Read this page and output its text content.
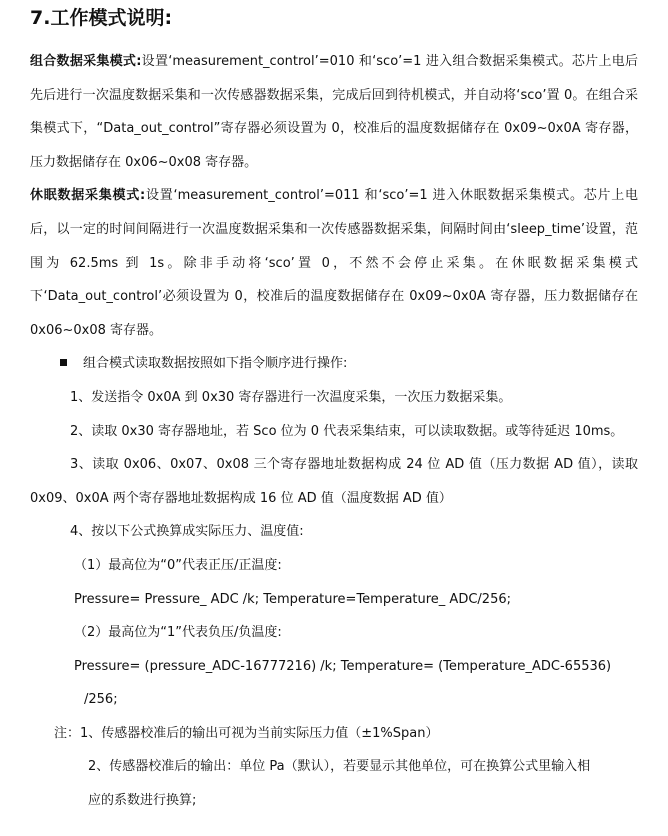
7.工作模式说明:

组合数据采集模式:设置‘measurement_control’=010 和‘sco’=1 进入组合数据采集模式。芯片上电后先后进行一次温度数据采集和一次传感器数据采集，完成后回到待机模式，并自动将‘sco’置 0。在组合采集模式下，“Data_out_control”寄存器必须设置为 0，校准后的温度数据储存在 0x09~0x0A 寄存器，压力数据储存在 0x06~0x08 寄存器。

休眠数据采集模式:设置‘measurement_control’=011 和‘sco’=1 进入休眠数据采集模式。芯片上电后，以一定的时间间隔进行一次温度数据采集和一次传感器数据采集，间隔时间由‘sleep_time’设置，范围为 62.5ms 到 1s。除非手动将‘sco’置 0，不然不会停止采集。在休眠数据采集模式下‘Data_out_control’必须设置为 0，校准后的温度数据储存在 0x09~0x0A 寄存器，压力数据储存在 0x06~0x08 寄存器。

组合模式读取数据按照如下指令顺序进行操作:

1、发送指令 0x0A 到 0x30 寄存器进行一次温度采集，一次压力数据采集。

2、读取 0x30 寄存器地址，若 Sco 位为 0 代表采集结束，可以读取数据。或等待延迟 10ms。

3、读取 0x06、0x07、0x08 三个寄存器地址数据构成 24 位 AD 值（压力数据 AD 值），读取 0x09、0x0A 两个寄存器地址数据构成 16 位 AD 值（温度数据 AD 值）

4、按以下公式换算成实际压力、温度值:

（1）最高位为“0”代表正压/正温度:

Pressure= Pressure_ ADC /k; Temperature=Temperature_ ADC/256;

（2）最高位为“1”代表负压/负温度:

Pressure= (pressure_ADC-16777216) /k; Temperature= (Temperature_ADC-65536)
/256;

注：1、传感器校准后的输出可视为当前实际压力值（±1%Span）

2、传感器校准后的输出：单位 Pa（默认），若要显示其他单位，可在换算公式里输入相
应的系数进行换算;
